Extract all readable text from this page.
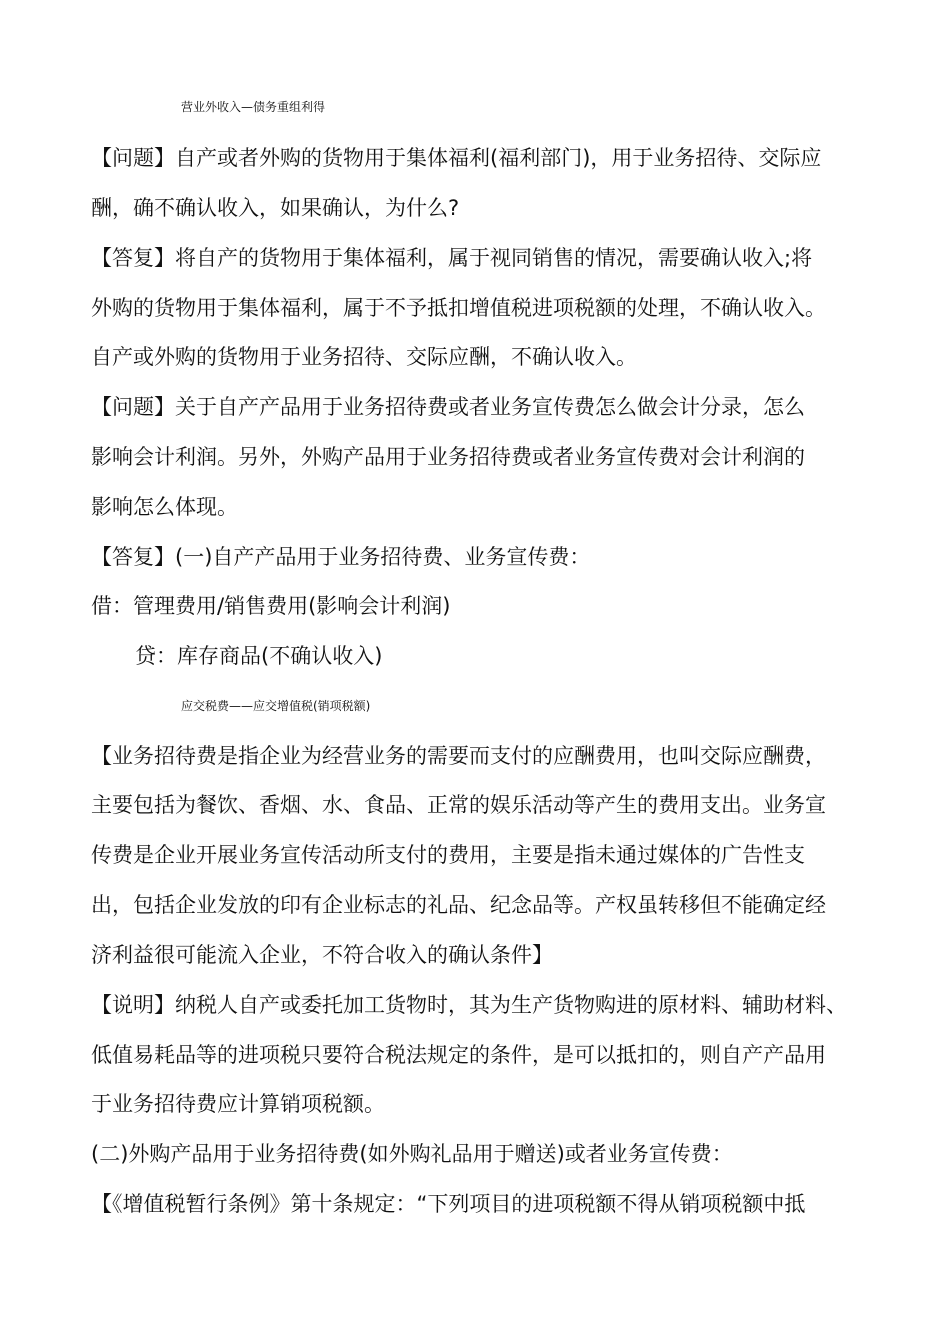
营业外收入—债务重组利得
【问题】自产或者外购的货物用于集体福利(福利部门)，用于业务招待、交际应
酬，确不确认收入，如果确认，为什么?
【答复】将自产的货物用于集体福利，属于视同销售的情况，需要确认收入;将
外购的货物用于集体福利，属于不予抵扣增值税进项税额的处理，不确认收入。
自产或外购的货物用于业务招待、交际应酬，不确认收入。
【问题】关于自产产品用于业务招待费或者业务宣传费怎么做会计分录，怎么
影响会计利润。另外，外购产品用于业务招待费或者业务宣传费对会计利润的
影响怎么体现。
【答复】(一)自产产品用于业务招待费、业务宣传费：
借：管理费用/销售费用(影响会计利润)
贷：库存商品(不确认收入)
应交税费——应交增值税(销项税额)
【业务招待费是指企业为经营业务的需要而支付的应酬费用，也叫交际应酬费，
主要包括为餐饮、香烟、水、食品、正常的娱乐活动等产生的费用支出。业务宣
传费是企业开展业务宣传活动所支付的费用，主要是指未通过媒体的广告性支
出，包括企业发放的印有企业标志的礼品、纪念品等。产权虽转移但不能确定经
济利益很可能流入企业，不符合收入的确认条件】
【说明】纳税人自产或委托加工货物时，其为生产货物购进的原材料、辅助材料、
低值易耗品等的进项税只要符合税法规定的条件，是可以抵扣的，则自产产品用
于业务招待费应计算销项税额。
(二)外购产品用于业务招待费(如外购礼品用于赠送)或者业务宣传费：
【《增值税暂行条例》第十条规定：“下列项目的进项税额不得从销项税额中抵
